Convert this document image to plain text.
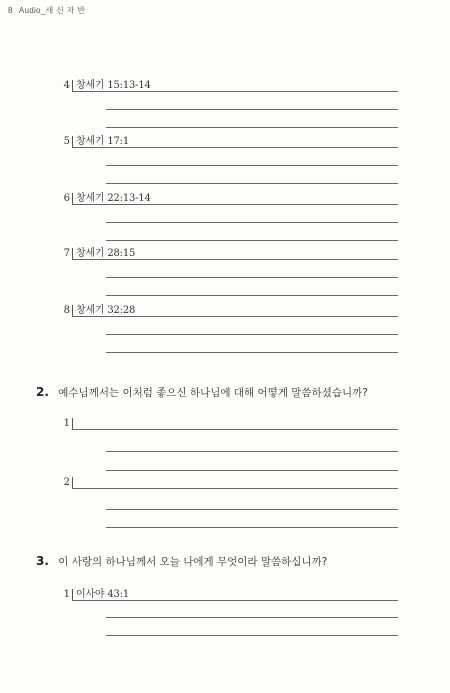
8 Audio_새 신 자 반
4 창세기 15:13-14
5 창세기 17:1
6 창세기 22:13-14
7 창세기 28:15
8 창세기 32:28
2. 예수님께서는 이처럼 좋으신 하나님에 대해 어떻게 말씀하셨습니까?
1
2
3. 이 사랑의 하나님께서 오늘 나에게 무엇이라 말씀하십니까?
1 이사야 43:1
